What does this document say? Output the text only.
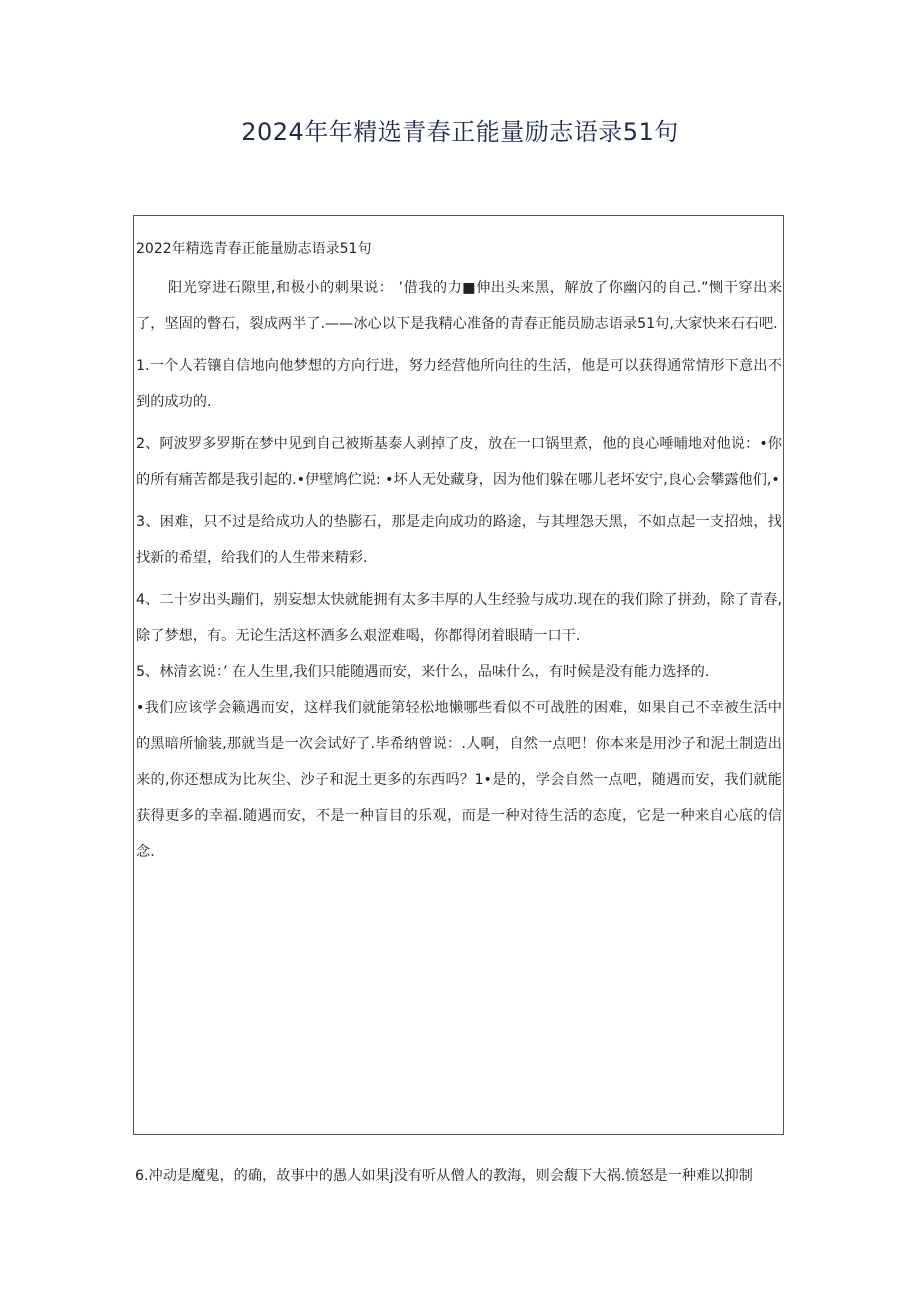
2024年年精选青春正能量励志语录51句
2022年精选青春正能量励志语录51句

阳光穿进石隙里,和极小的刺果说： ’借我的力■伸出头来黑，解放了你幽闪的自己.”恻干穿出来了，坚固的瞥石，裂成两半了.——冰心以下是我精心准备的青春正能员励志语录51句,大家快来石石吧.

1.一个人若镶自信地向他梦想的方向行进，努力经营他所向往的生活，他是可以获得通常情形下意出不到的成功的.

2、阿波罗多罗斯在梦中见到自己被斯基泰人剥掉了皮，放在一口锅里煮，他的良心唾晡地对他说：•你的所有痛苦都是我引起的.•伊壁鸠伫说: •坏人无处藏身，因为他们躲在哪儿老坏安宁,良心会攀露他们,•

3、困难，只不过是给成功人的垫膨石，那是走向成功的路途，与其埋怨天黑，不如点起一支招烛，找找新的希望，给我们的人生带来精彩.

4、二十岁出头蹦们，别妄想太快就能拥有太多丰厚的人生经验与成功.现在的我们除了拼劲，除了青春,除了梦想，有。无论生活这杯酒多么艰涩难喝，你都得闭着眼睛一口干.

5、林清玄说：’ 在人生里,我们只能随遇而安，来什么，品味什么，有时候是没有能力选择的.

•我们应该学会籁遇而安，这样我们就能第轻松地懒哪些看似不可战胜的困难，如果自己不幸被生活中的黑暗所愉装,那就当是一次会试好了.毕希纳曾说：.人啊，自然一点吧！你本来是用沙子和泥土制造出来的,你还想成为比灰尘、沙子和泥土更多的东西吗？1•是的，学会自然一点吧，随遇而安，我们就能获得更多的幸福.随遇而安，不是一种盲目的乐观，而是一种对待生活的态度，它是一种来自心底的信念.

6.冲动是魔鬼，的确，故事中的愚人如果j没有听从僧人的教海，则会馥下大祸.愤怒是一种难以抑制
